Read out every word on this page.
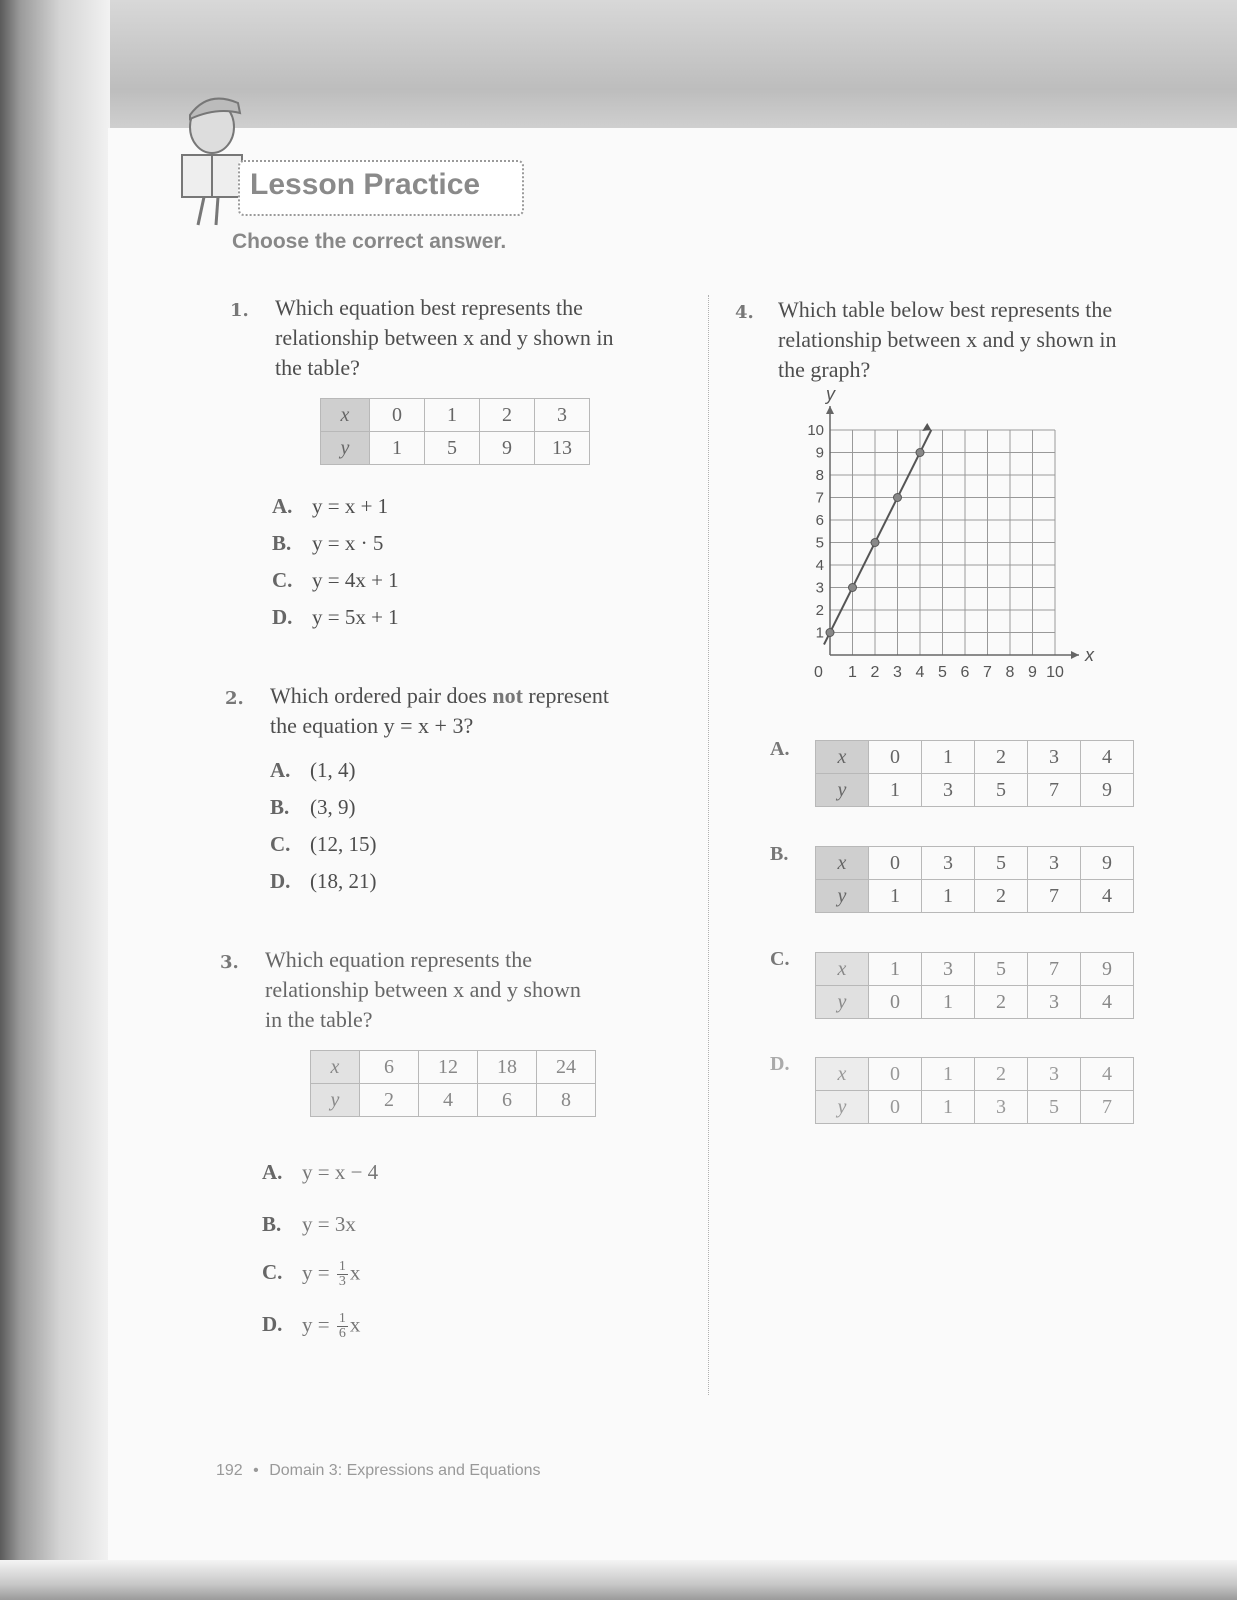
Lesson Practice
Choose the correct answer.
1. Which equation best represents the
relationship between x and y shown in
the table?
x	0	1	2	3
y	1	5	9	13
A. y = x + 1
B. y = x · 5
C. y = 4x + 1
D. y = 5x + 1
2. Which ordered pair does not represent
the equation y = x + 3?
A. (1, 4)
B. (3, 9)
C. (12, 15)
D. (18, 21)
3. Which equation represents the
relationship between x and y shown
in the table?
x	6	12	18	24
y	2	4	6	8
A. y = x − 4
B. y = 3x
C. $y = \frac{1}{3}$ x
D. $y = \frac{1}{6}$ x
4. Which table below best represents the
relationship between x and y shown in
the graph?
x
y
0 1 2 3 4 5 6 7 8 9 10
1
2
3
4
5
6
7
8
9
10
A. x	0	1	2	3	4
y	1	3	5	7	9
B. x	0	3	5	3	9
y	1	1	2	7	4
C. x	1	3	5	7	9
y	0	1	2	3	4
D. x	0	1	2	3	4
y	0	1	3	5	7
192 • Domain 3: Expressions and Equations
